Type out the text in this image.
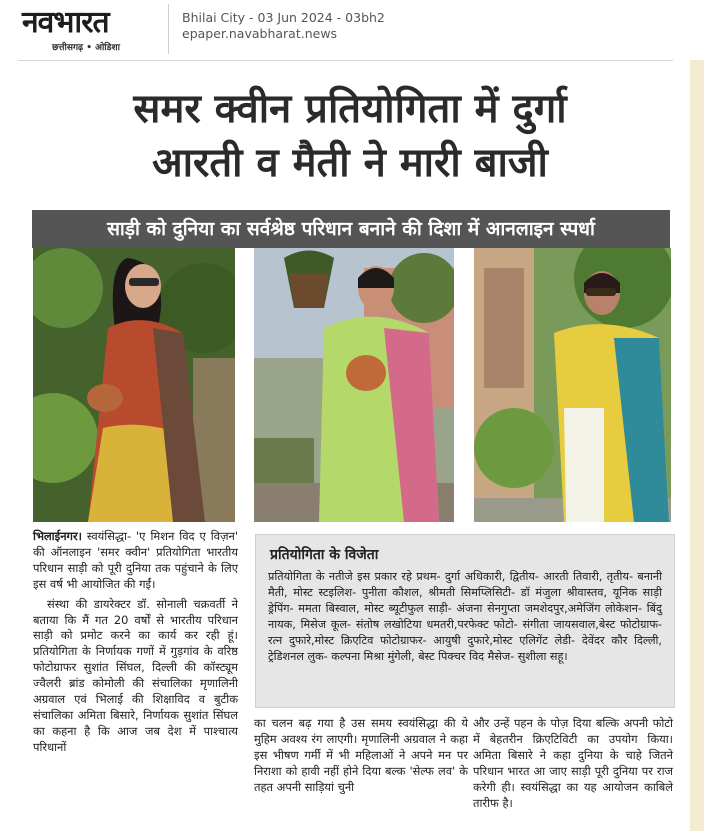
नवभारत
छत्तीसगढ़ • ओडिशा
Bhilai City - 03 Jun 2024 - 03bh2
epaper.navabharat.news
समर क्वीन प्रतियोगिता में दुर्गा
आरती व मैती ने मारी बाजी
साड़ी को दुनिया का सर्वश्रेष्ठ परिधान बनाने की दिशा में आनलाइन स्पर्धा

भिलाईनगर। स्वयंसिद्धा- 'ए मिशन विद ए विज़न' की ऑनलाइन 'समर क्वीन' प्रतियोगिता भारतीय परिधान साड़ी को पूरी दुनिया तक पहुंचाने के लिए इस वर्ष भी आयोजित की गईं।

संस्था की डायरेक्टर डॉ. सोनाली चक्रवर्ती ने बताया कि मैं गत 20 वर्षों से भारतीय परिधान साड़ी को प्रमोट करने का कार्य कर रही हूं। प्रतियोगिता के निर्णायक गणों में गुड़गांव के वरिष्ठ फोटोग्राफर सुशांत सिंघल, दिल्ली की कॉस्ट्यूम ज्वैलरी ब्रांड कोमोली की संचालिका मृणालिनी अग्रवाल एवं भिलाई की शिक्षाविद व बुटीक संचालिका अमिता बिसारे, निर्णायक सुशांत सिंघल का कहना है कि आज जब देश में पाश्चात्य परिधानों

प्रतियोगिता के विजेता
प्रतियोगिता के नतीजे इस प्रकार रहे प्रथम- दुर्गा अधिकारी, द्वितीय- आरती तिवारी, तृतीय- बनानी मैती, मोस्ट स्टइलिश- पुनीता कौशल, श्रीमती सिमप्लिसिटी- डॉ मंजुला श्रीवास्तव, यूनिक साड़ी ड्रेपिंग- ममता बिस्वाल, मोस्ट ब्यूटीफुल साड़ी- अंजना सेनगुप्ता जमशेदपुर,अमेजिंग लोकेशन- बिंदु नायक, मिसेज कूल- संतोष लखोटिया धमतरी,परफेक्ट फोटो- संगीता जायसवाल,बेस्ट फोटोग्राफ- रत्न दुफारे,मोस्ट क्रिएटिव फोटोग्राफर- आयुषी दुफारे,मोस्ट एलिगेंट लेडी- देवेंदर कौर दिल्ली, ट्रेडिशनल लुक- कल्पना मिश्रा मुंगेली, बेस्ट पिक्चर विद मैसेज- सुशीला सहू।
का चलन बढ़ गया है उस समय स्वयंसिद्धा की ये मुहिम अवश्य रंग लाएगी। मृणालिनी अग्रवाल ने कहा इस भीषण गर्मी में भी महिलाओं ने अपने मन पर निराशा को हावी नहीं होने दिया बल्क 'सेल्फ लव' के तहत अपनी साड़ियां चुनी
और उन्हें पहन के पोज़ दिया बल्कि अपनी फोटो में बेहतरीन क्रिएटिविटी का उपयोग किया। अमिता बिसारे ने कहा दुनिया के चाहे जितने परिधान भारत आ जाए साड़ी पूरी दुनिया पर राज करेगी ही। स्वयंसिद्धा का यह आयोजन काबिले तारीफ है।
